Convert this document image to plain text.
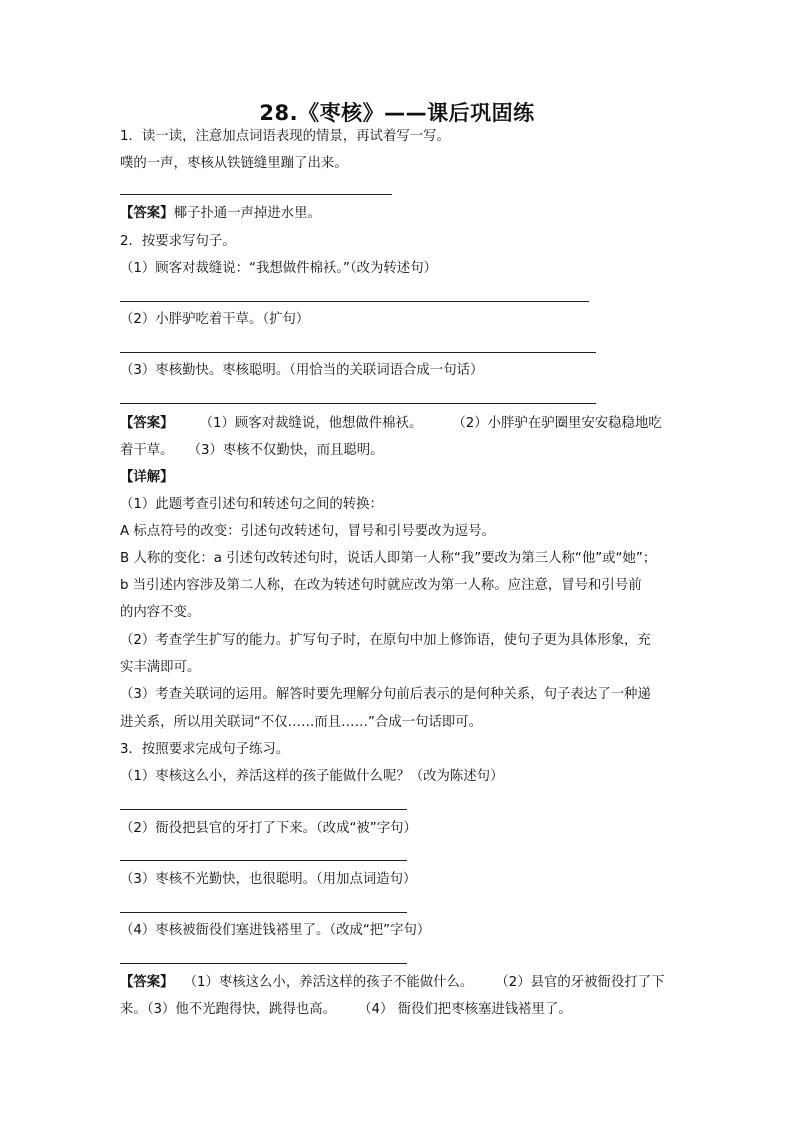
28.《枣核》——课后巩固练
1．读一读，注意加点词语表现的情景，再试着写一写。
噗的一声，枣核从铁链缝里蹦了出来。
【答案】椰子扑通一声掉进水里。
2．按要求写句子。
（1）顾客对裁缝说：“我想做件棉袄。”（改为转述句）
（2）小胖驴吃着干草。（扩句）
（3）枣核勤快。枣核聪明。（用恰当的关联词语合成一句话）
【答案】 （1）顾客对裁缝说，他想做件棉袄。 （2）小胖驴在驴圈里安安稳稳地吃
着干草。 （3）枣核不仅勤快，而且聪明。
【详解】
（1）此题考查引述句和转述句之间的转换：
A 标点符号的改变：引述句改转述句，冒号和引号要改为逗号。
B 人称的变化：a 引述句改转述句时，说话人即第一人称“我”要改为第三人称“他”或“她”；
b 当引述内容涉及第二人称，在改为转述句时就应改为第一人称。应注意，冒号和引号前
的内容不变。
（2）考查学生扩写的能力。扩写句子时，在原句中加上修饰语，使句子更为具体形象，充
实丰满即可。
（3）考查关联词的运用。解答时要先理解分句前后表示的是何种关系，句子表达了一种递
进关系，所以用关联词“不仅……而且……”合成一句话即可。
3．按照要求完成句子练习。
（1）枣核这么小，养活这样的孩子能做什么呢？（改为陈述句）
（2）衙役把县官的牙打了下来。（改成“被”字句）
（3）枣核不光勤快，也很聪明。（用加点词造句）
（4）枣核被衙役们塞进钱褡里了。（改成“把”字句）
【答案】 （1）枣核这么小，养活这样的孩子不能做什么。 （2）县官的牙被衙役打了下
来。（3）他不光跑得快，跳得也高。 （4） 衙役们把枣核塞进钱褡里了。
